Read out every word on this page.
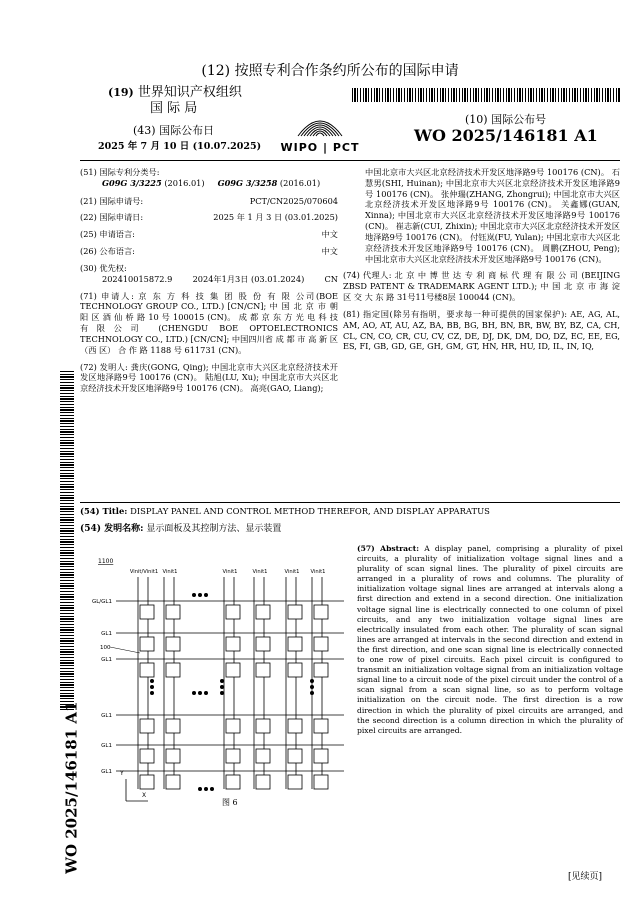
(12) 按照专利合作条约所公布的国际申请
(19) 世界知识产权组织
国 际 局
(43) 国际公布日
2025 年 7 月 10 日 (10.07.2025) WIPO | PCT
(10) 国际公布号
WO 2025/146181 A1
WO 2025/146181 A1
(51) 国际专利分类号:
G09G 3/3225 (2016.01) G09G 3/3258 (2016.01)
(21) 国际申请号:	PCT/CN2025/070604
(22) 国际申请日:	2025 年 1 月 3 日 (03.01.2025)
(25) 申请语言:	中文
(26) 公布语言:	中文
(30) 优先权:
202410015872.9 2024年1月3日 (03.01.2024) CN
(71) 申请人: 京 东 方 科 技 集 团 股 份 有 限 公司(BOE TECHNOLOGY GROUP CO., LTD.) [CN/CN]; 中 国 北 京 市 朝 阳 区 酒 仙 桥 路 10 号 100015 (CN)。 成 都 京 东 方 光 电 科 技 有限公司 (CHENGDU BOE OPTOELECTRONICS TECHNOLOGY CO., LTD.) [CN/CN]; 中国四川省 成 都 市 高 新 区 （西 区） 合 作 路 1188 号 611731 (CN)。
(72) 发明人: 龚庆(GONG, Qing); 中国北京市大兴区北京经济技术开发区地泽路9号 100176 (CN)。 陆旭(LU, Xu); 中国北京市大兴区北京经济技术开发区地泽路9号 100176 (CN)。 高亮(GAO, Liang);
中国北京市大兴区北京经济技术开发区地泽路9号 100176 (CN)。 石慧男(SHI, Huinan); 中国北京市大兴区北京经济技术开发区地泽路9号 100176 (CN)。 张仲瑞(ZHANG, Zhongrui); 中国北京市大兴区北京经济技术开发区地泽路9号 100176 (CN)。 关鑫娜(GUAN, Xinna); 中国北京市大兴区北京经济技术开发区地泽路9号 100176 (CN)。 崔志新(CUI, Zhixin); 中国北京市大兴区北京经济技术开发区地泽路9号 100176 (CN)。 付钰岚(FU, Yulan); 中国北京市大兴区北京经济技术开发区地泽路9号 100176 (CN)。 周鹏(ZHOU, Peng); 中国北京市大兴区北京经济技术开发区地泽路9号 100176 (CN)。
(74) 代理人: 北 京 中 博 世 达 专 利 商 标 代 理 有 限 公 司 (BEIJING ZBSD PATENT & TRADEMARK AGENT LTD.); 中 国 北 京 市 海 淀 区 交 大 东 路 31号11号楼8层 100044 (CN)。
(81) 指定国(除另有指明，要求每一种可提供的国家保护): AE, AG, AL, AM, AO, AT, AU, AZ, BA, BB, BG, BH, BN, BR, BW, BY, BZ, CA, CH, CL, CN, CO, CR, CU, CV, CZ, DE, DJ, DK, DM, DO, DZ, EC, EE, EG, ES, FI, GB, GD, GE, GH, GM, GT, HN, HR, HU, ID, IL, IN, IQ,
(54) Title: DISPLAY PANEL AND CONTROL METHOD THEREFOR, AND DISPLAY APPARATUS
(54) 发明名称: 显示面板及其控制方法、显示装置
1100
Vinit/Vinit1 Vinit1	Vinit1	Vinit1	Vinit1 Vinit1
GL/GL1
GL1
GL1
GL1
GL1
GL1
100
Y
X
图 6
(57) Abstract: A display panel, comprising a plurality of pixel circuits, a plurality of initialization voltage signal lines and a plurality of scan signal lines. The plurality of pixel circuits are arranged in a plurality of rows and columns. The plurality of initialization voltage signal lines are arranged at intervals along a first direction and extend in a second direction. One initialization voltage signal line is electrically connected to one column of pixel circuits, and any two initialization voltage signal lines are electrically insulated from each other. The plurality of scan signal lines are arranged at intervals in the second direction and extend in the first direction, and one scan signal line is electrically connected to one row of pixel circuits. Each pixel circuit is configured to transmit an initialization voltage signal from an initialization voltage signal line to a circuit node of the pixel circuit under the control of a scan signal from a scan signal line, so as to perform voltage initialization on the circuit node. The first direction is a row direction in which the plurality of pixel circuits are arranged, and the second direction is a column direction in which the plurality of pixel circuits are arranged.
[见续页]
